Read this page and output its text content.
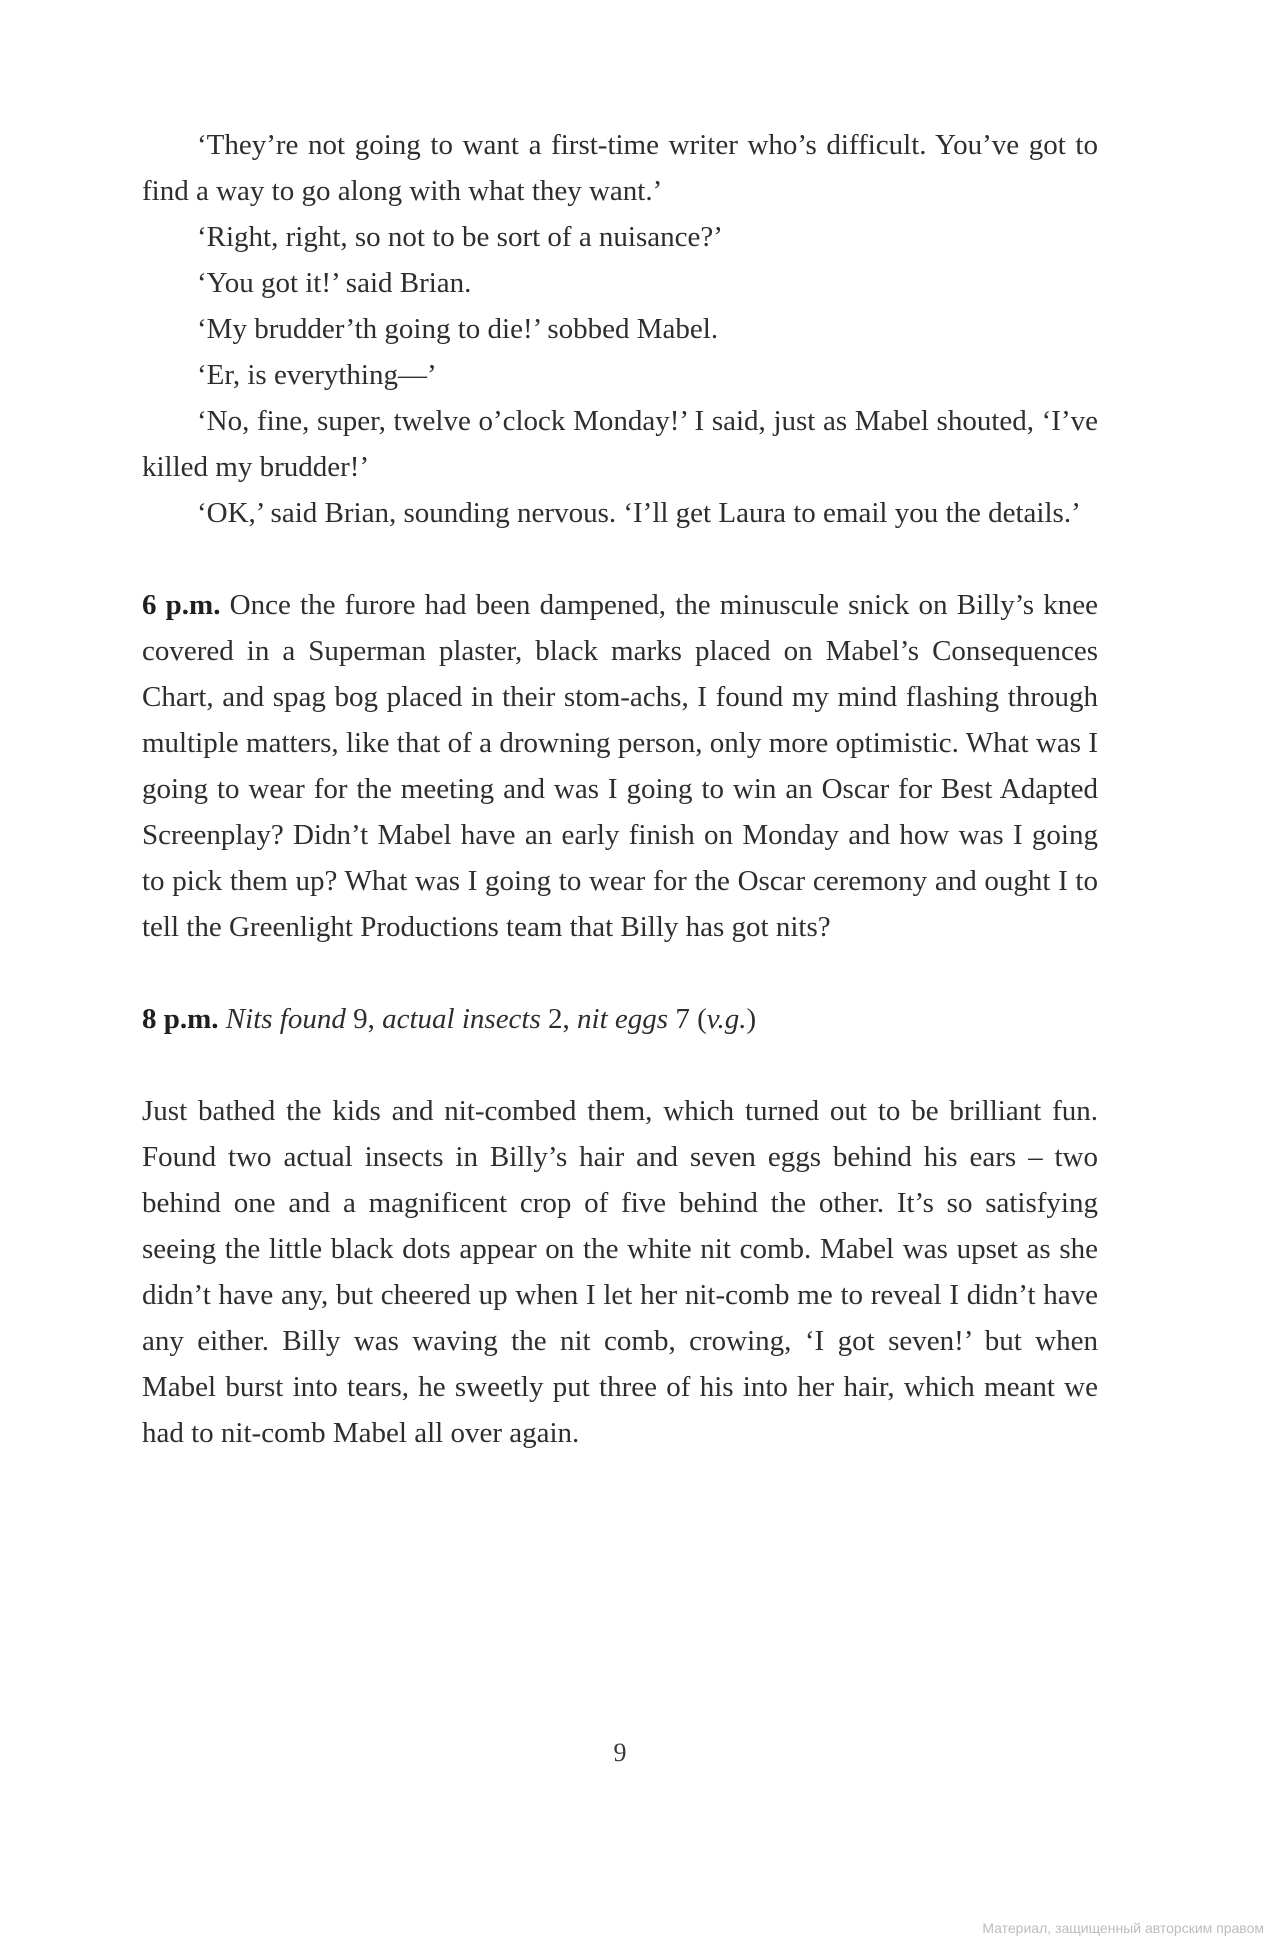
‘They’re not going to want a first-time writer who’s difficult. You’ve got to find a way to go along with what they want.’

‘Right, right, so not to be sort of a nuisance?’

‘You got it!’ said Brian.

‘My brudder’th going to die!’ sobbed Mabel.

‘Er, is everything—’

‘No, fine, super, twelve o’clock Monday!’ I said, just as Mabel shouted, ‘I’ve killed my brudder!’

‘OK,’ said Brian, sounding nervous. ‘I’ll get Laura to email you the details.’

6 p.m. Once the furore had been dampened, the minuscule snick on Billy’s knee covered in a Superman plaster, black marks placed on Mabel’s Consequences Chart, and spag bog placed in their stom-achs, I found my mind flashing through multiple matters, like that of a drowning person, only more optimistic. What was I going to wear for the meeting and was I going to win an Oscar for Best Adapted Screenplay? Didn’t Mabel have an early finish on Monday and how was I going to pick them up? What was I going to wear for the Oscar ceremony and ought I to tell the Greenlight Productions team that Billy has got nits?

8 p.m. Nits found 9, actual insects 2, nit eggs 7 (v.g.)

Just bathed the kids and nit-combed them, which turned out to be brilliant fun. Found two actual insects in Billy’s hair and seven eggs behind his ears – two behind one and a magnificent crop of five behind the other. It’s so satisfying seeing the little black dots appear on the white nit comb. Mabel was upset as she didn’t have any, but cheered up when I let her nit-comb me to reveal I didn’t have any either. Billy was waving the nit comb, crowing, ‘I got seven!’ but when Mabel burst into tears, he sweetly put three of his into her hair, which meant we had to nit-comb Mabel all over again.

9
Материал, защищенный авторским правом
